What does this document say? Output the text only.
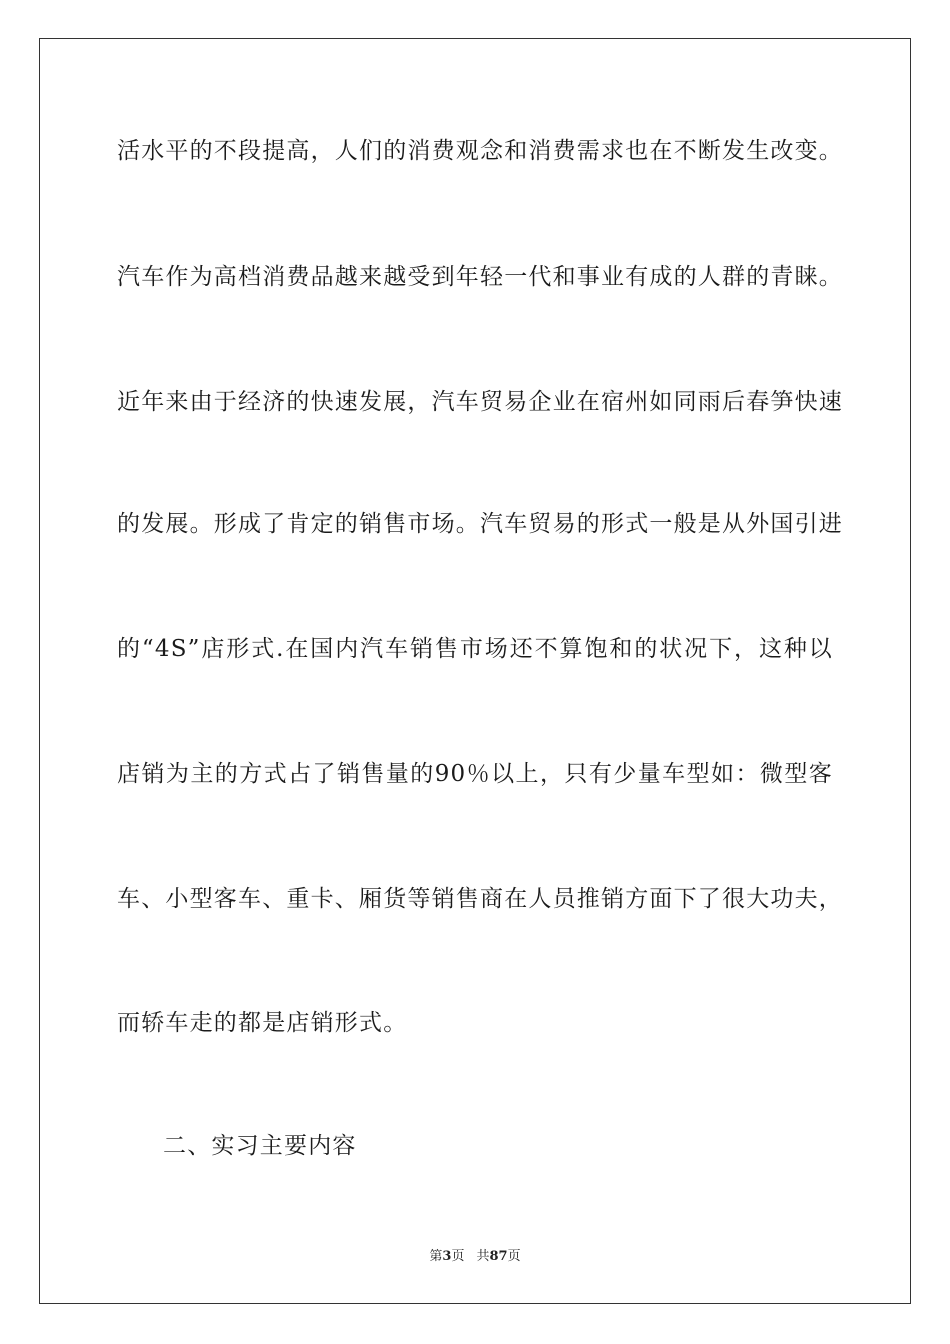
活水平的不段提高，人们的消费观念和消费需求也在不断发生改变。
汽车作为高档消费品越来越受到年轻一代和事业有成的人群的青睐。
近年来由于经济的快速发展，汽车贸易企业在宿州如同雨后春笋快速
的发展。形成了肯定的销售市场。汽车贸易的形式一般是从外国引进
的“4S”店形式.在国内汽车销售市场还不算饱和的状况下，这种以
店销为主的方式占了销售量的90％以上，只有少量车型如：微型客
车、小型客车、重卡、厢货等销售商在人员推销方面下了很大功夫，
而轿车走的都是店销形式。
二、实习主要内容
第3页 共87页
